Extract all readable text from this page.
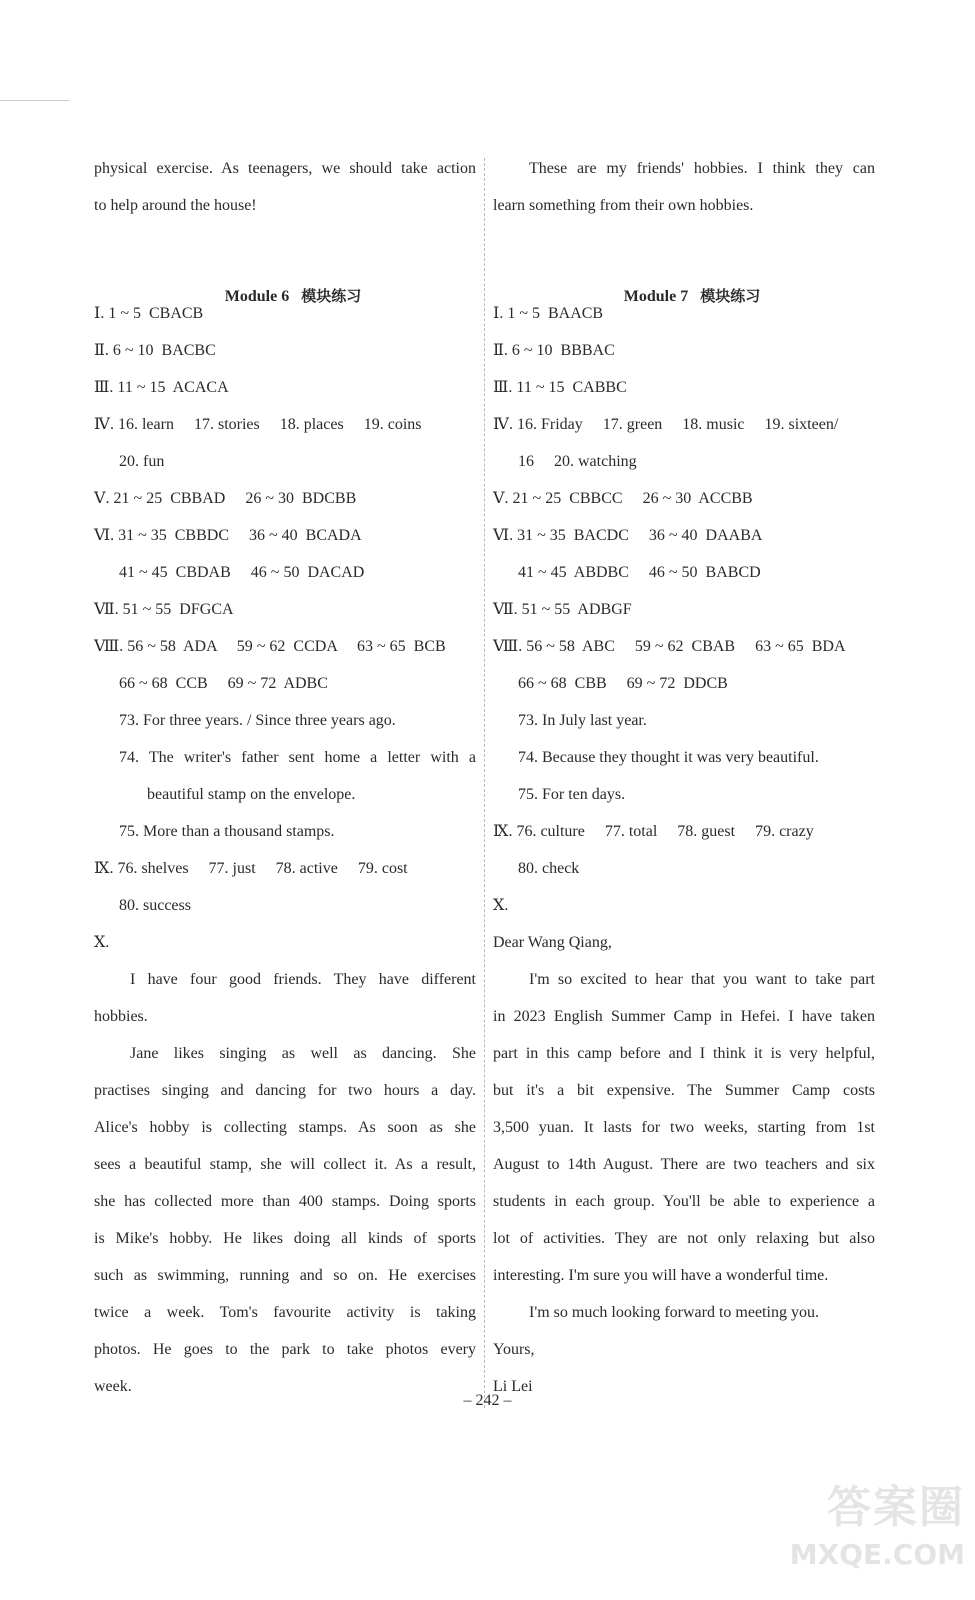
physical exercise. As teenagers, we should take action
to help around the house!

Module 6 模块练习

Ⅰ. 1 ~ 5  CBACB
Ⅱ. 6 ~ 10  BACBC
Ⅲ. 11 ~ 15  ACACA
Ⅳ. 16. learn     17. stories     18. places     19. coins
20. fun
Ⅴ. 21 ~ 25  CBBAD     26 ~ 30  BDCBB
Ⅵ. 31 ~ 35  CBBDC     36 ~ 40  BCADA
41 ~ 45  CBDAB     46 ~ 50  DACAD
Ⅶ. 51 ~ 55  DFGCA
Ⅷ. 56 ~ 58  ADA     59 ~ 62  CCDA     63 ~ 65  BCB
66 ~ 68  CCB     69 ~ 72  ADBC
73. For three years. / Since three years ago.
74. The writer's father sent home a letter with a
beautiful stamp on the envelope.
75. More than a thousand stamps.
Ⅸ. 76. shelves     77. just     78. active     79. cost
80. success
Ⅹ.
I have four good friends. They have different
hobbies.
Jane likes singing as well as dancing. She
practises singing and dancing for two hours a day.
Alice's hobby is collecting stamps. As soon as she
sees a beautiful stamp, she will collect it. As a result,
she has collected more than 400 stamps. Doing sports
is Mike's hobby. He likes doing all kinds of sports
such as swimming, running and so on. He exercises
twice a week. Tom's favourite activity is taking
photos. He goes to the park to take photos every
week.
These are my friends' hobbies. I think they can
learn something from their own hobbies.

Module 7 模块练习

Ⅰ. 1 ~ 5  BAACB
Ⅱ. 6 ~ 10  BBBAC
Ⅲ. 11 ~ 15  CABBC
Ⅳ. 16. Friday     17. green     18. music     19. sixteen/
16     20. watching
Ⅴ. 21 ~ 25  CBBCC     26 ~ 30  ACCBB
Ⅵ. 31 ~ 35  BACDC     36 ~ 40  DAABA
41 ~ 45  ABDBC     46 ~ 50  BABCD
Ⅶ. 51 ~ 55  ADBGF
Ⅷ. 56 ~ 58  ABC     59 ~ 62  CBAB     63 ~ 65  BDA
66 ~ 68  CBB     69 ~ 72  DDCB
73. In July last year.
74. Because they thought it was very beautiful.
75. For ten days.
Ⅸ. 76. culture     77. total     78. guest     79. crazy
80. check
Ⅹ.
Dear Wang Qiang,
I'm so excited to hear that you want to take part
in 2023 English Summer Camp in Hefei. I have taken
part in this camp before and I think it is very helpful,
but it's a bit expensive. The Summer Camp costs
3,500 yuan. It lasts for two weeks, starting from 1st
August to 14th August. There are two teachers and six
students in each group. You'll be able to experience a
lot of activities. They are not only relaxing but also
interesting. I'm sure you will have a wonderful time.
I'm so much looking forward to meeting you.
Yours,
Li Lei
– 242 –
答案圈
MXQE.COM
